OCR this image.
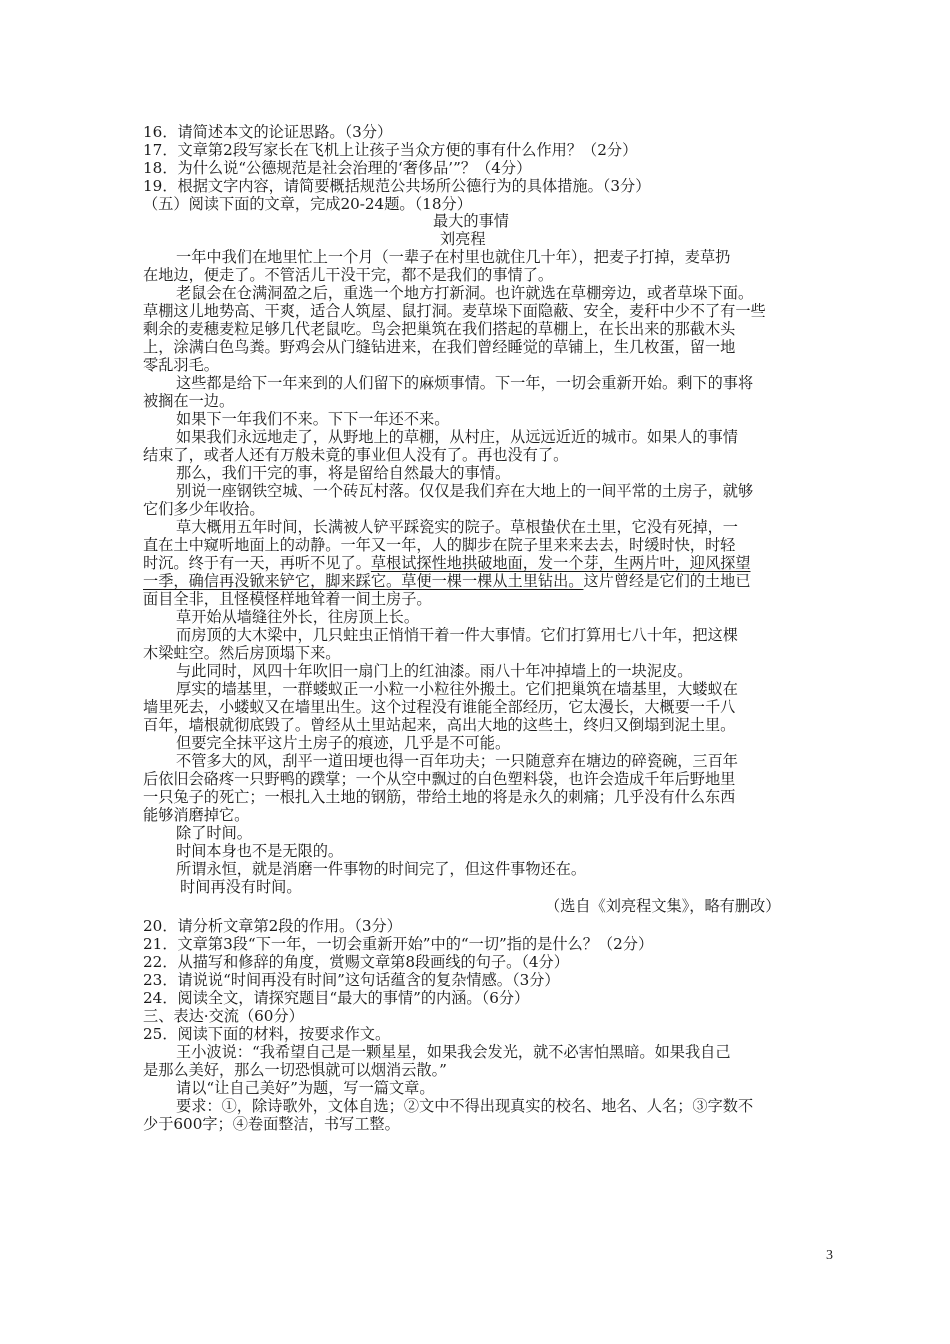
16．请简述本文的论证思路。（3分）
17．文章第2段写家长在飞机上让孩子当众方便的事有什么作用？（2分）
18．为什么说“公德规范是社会治理的‘奢侈品’”？（4分）
19．根据文字内容，请简要概括规范公共场所公德行为的具体措施。（3分）
（五）阅读下面的文章，完成20-24题。（18分）
最大的事情
刘亮程
一年中我们在地里忙上一个月（一辈子在村里也就住几十年），把麦子打掉，麦草扔
在地边，便走了。不管活儿干没干完，都不是我们的事情了。
老鼠会在仓满洞盈之后，重选一个地方打新洞。也许就选在草棚旁边，或者草垛下面。
草棚这儿地势高、干爽，适合人筑屋、鼠打洞。麦草垛下面隐蔽、安全，麦秆中少不了有一些
剩余的麦穗麦粒足够几代老鼠吃。鸟会把巢筑在我们搭起的草棚上，在长出来的那截木头
上，涂满白色鸟粪。野鸡会从门缝钻进来，在我们曾经睡觉的草铺上，生几枚蛋，留一地
零乱羽毛。
这些都是给下一年来到的人们留下的麻烦事情。下一年，一切会重新开始。剩下的事将
被搁在一边。
如果下一年我们不来。下下一年还不来。
如果我们永远地走了，从野地上的草棚，从村庄，从远远近近的城市。如果人的事情
结束了，或者人还有万般未竟的事业但人没有了。再也没有了。
那么，我们干完的事，将是留给自然最大的事情。
别说一座钢铁空城、一个砖瓦村落。仅仅是我们弃在大地上的一间平常的土房子，就够
它们多少年收拾。
草大概用五年时间，长满被人铲平踩瓷实的院子。草根蛰伏在土里，它没有死掉，一
直在土中窥听地面上的动静。一年又一年，人的脚步在院子里来来去去，时缓时快，时轻
时沉。终于有一天，再听不见了。草根试探性地拱破地面，发一个芽，生两片叶，迎风探望
一季，确信再没锨来铲它，脚来踩它。草便一棵一棵从土里钻出。这片曾经是它们的土地已
面目全非，且怪模怪样地耸着一间土房子。
草开始从墙缝往外长，往房顶上长。
而房顶的大木梁中，几只蛀虫正悄悄干着一件大事情。它们打算用七八十年，把这棵
木梁蛀空。然后房顶塌下来。
与此同时，风四十年吹旧一扇门上的红油漆。雨八十年冲掉墙上的一块泥皮。
厚实的墙基里，一群蝼蚁正一小粒一小粒往外搬土。它们把巢筑在墙基里，大蝼蚁在
墙里死去，小蝼蚁又在墙里出生。这个过程没有谁能全部经历，它太漫长，大概要一千八
百年，墙根就彻底毁了。曾经从土里站起来，高出大地的这些土，终归又倒塌到泥土里。
但要完全抹平这片土房子的痕迹，几乎是不可能。
不管多大的风，刮平一道田埂也得一百年功夫；一只随意弃在塘边的碎瓷碗，三百年
后依旧会硌疼一只野鸭的蹼掌；一个从空中飘过的白色塑料袋，也许会造成千年后野地里
一只兔子的死亡；一根扎入土地的钢筋，带给土地的将是永久的刺痛；几乎没有什么东西
能够消磨掉它。
除了时间。
时间本身也不是无限的。
所谓永恒，就是消磨一件事物的时间完了，但这件事物还在。
时间再没有时间。
（选自《刘亮程文集》，略有删改）
20．请分析文章第2段的作用。（3分）
21．文章第3段“下一年，一切会重新开始”中的“一切”指的是什么？（2分）
22．从描写和修辞的角度，赏赐文章第8段画线的句子。（4分）
23．请说说“时间再没有时间”这句话蕴含的复杂情感。（3分）
24．阅读全文，请探究题目“最大的事情”的内涵。（6分）
三、表达·交流（60分）
25．阅读下面的材料，按要求作文。
王小波说：“我希望自己是一颗星星，如果我会发光，就不必害怕黑暗。如果我自己
是那么美好，那么一切恐惧就可以烟消云散。”
请以“让自己美好”为题，写一篇文章。
要求：①，除诗歌外，文体自选；②文中不得出现真实的校名、地名、人名；③字数不
少于600字；④卷面整洁，书写工整。
3
